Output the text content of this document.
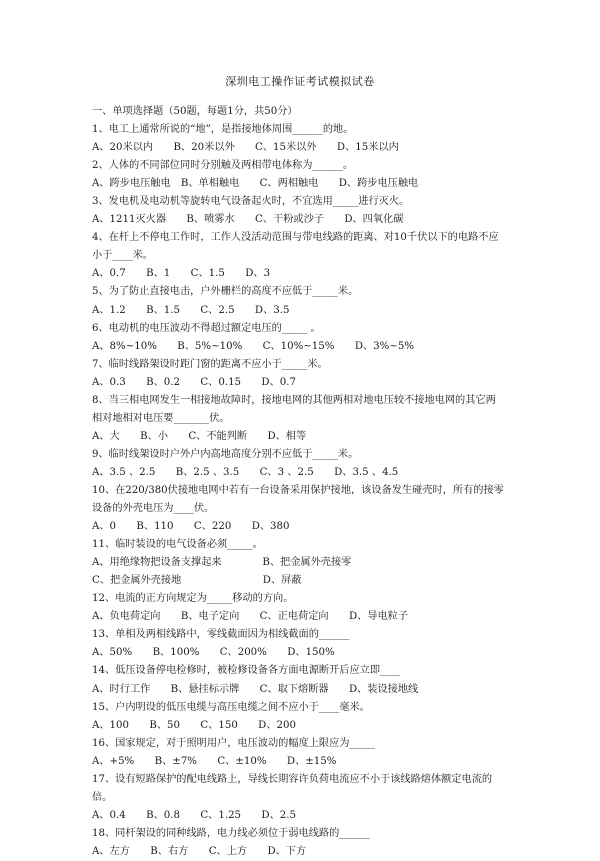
深圳电工操作证考试模拟试卷
一、单项选择题（50题，每题1分，共50分）
1、电工上通常所说的“地”，是指接地体周围______的地。
A、20米以内　　B、20米以外　　C、15米以外　　D、15米以内
2、人体的不同部位同时分别触及两相带电体称为______。
A、跨步电压触电　B、单相触电　　C、两相触电　　D、跨步电压触电
3、发电机及电动机等旋转电气设备起火时，不宜选用_____进行灭火。
A、1211灭火器　　B、喷雾水　　C、干粉或沙子　　D、四氧化碳
4、在杆上不停电工作时，工作人没活动范围与带电线路的距离、对10千伏以下的电路不应
小于____米。
A、0.7　　B、1　　C、1.5　　D、3
5、为了防止直接电击，户外栅栏的高度不应低于_____米。
A、1.2　　B、1.5　　C、2.5　　D、3.5
6、电动机的电压波动不得超过额定电压的_____ 。
A、8%~10%　　B、5%~10%　　C、10%~15%　　D、3%~5%
7、临时线路架设时距门窗的距离不应小于_____米。
A、0.3　　B、0.2　　C、0.15　　D、0.7
8、当三相电网发生一相接地故障时，接地电网的其他两相对地电压较不接地电网的其它两
相对地相对电压要_______伏。
A、大　　B、小　　C、不能判断　　D、相等
9、临时线架设时户外户内高地高度分别不应低于_____米。
A、3.5 、2.5　　B、2.5 、3.5　　C、3 、2.5　　D、3.5 、4.5
10、在220/380伏接地电网中若有一台设备采用保护接地，该设备发生碰壳时，所有的接零
设备的外壳电压为____伏。
A、0　　B、110　　C、220　　D、380
11、临时装设的电气设备必须_____。
A、用绝缘物把设备支撑起来　　　　B、把金属外壳接零
C、把金属外壳接地　　　　　　　　D、屏蔽
12、电流的正方向规定为_____移动的方向。
A、负电荷定向　　B、电子定向　　C、正电荷定向　　D、导电粒子
13、单相及两相线路中，零线截面因为相线截面的______
A、50%　　B、100%　　C、200%　　D、150%
14、低压设备停电检修时，被检修设备各方面电源断开后应立即____
A、时行工作　　B、悬挂标示牌　　C、取下熔断器　　D、装设接地线
15、户内明设的低压电缆与高压电缆之间不应小于____毫米。
A、100　　B、50　　C、150　　D、200
16、国家规定，对于照明用户，电压波动的幅度上限应为_____
A、+5%　　B、±7%　　C、±10%　　D、±15%
17、设有短路保护的配电线路上，导线长期容许负荷电流应不小于该线路熔体额定电流的
倍。
A、0.4　　B、0.8　　C、1.25　　D、2.5
18、同杆架设的同种线路，电力线必须位于弱电线路的______
A、左方　　B、右方　　C、上方　　D、下方
